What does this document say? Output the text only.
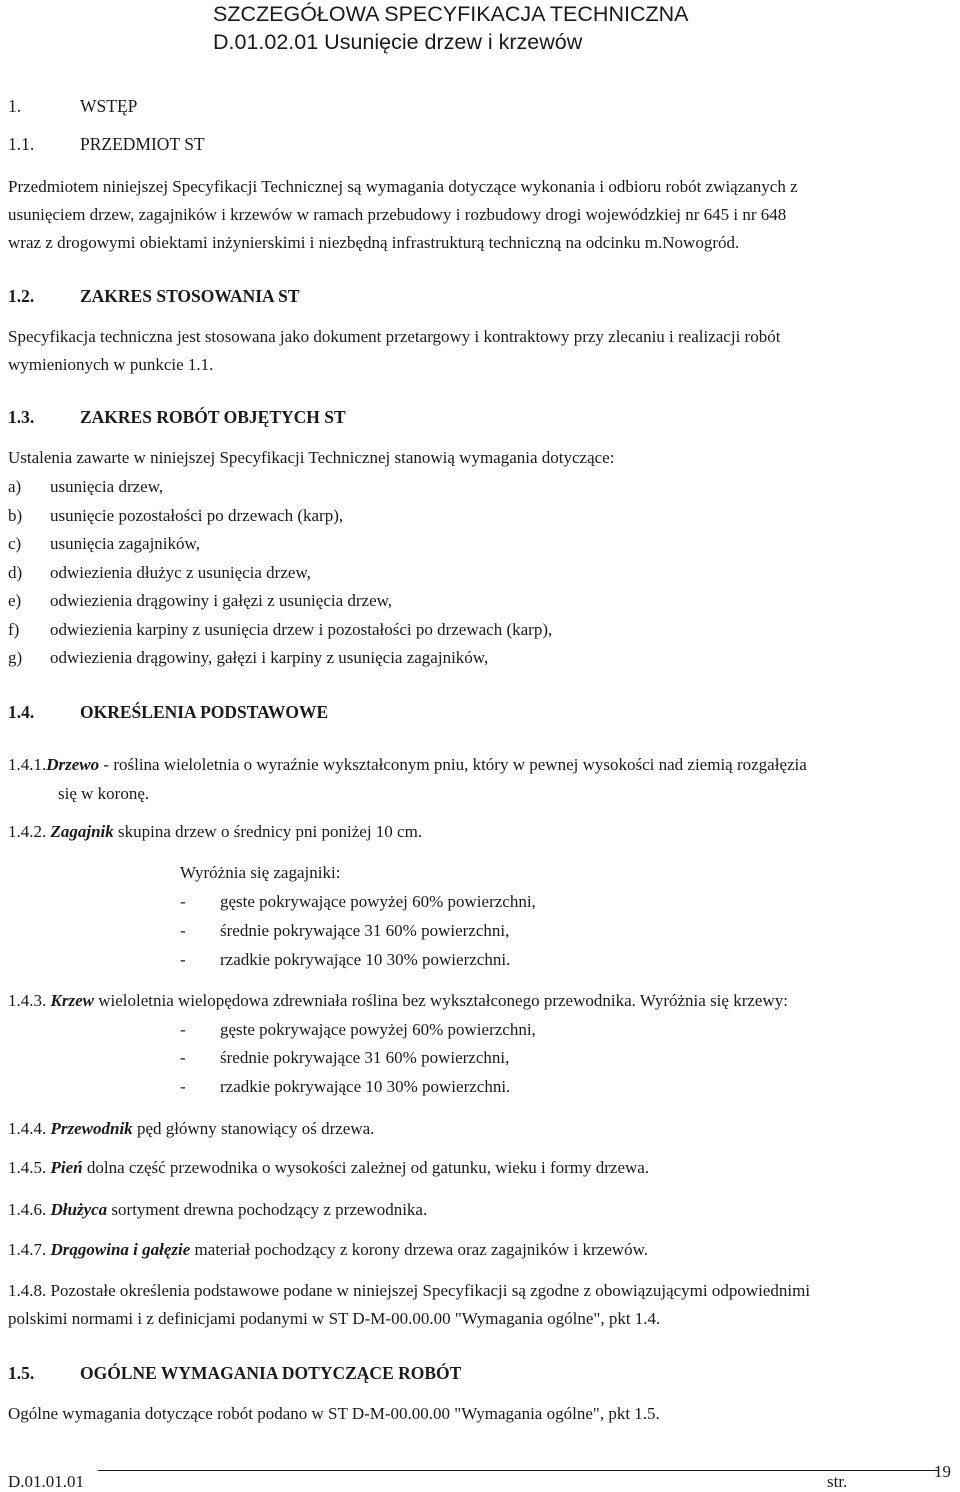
SZCZEGÓŁOWA SPECYFIKACJA TECHNICZNA
D.01.02.01 Usunięcie drzew i krzewów
1.	WSTĘP
1.1.	PRZEDMIOT ST
Przedmiotem niniejszej Specyfikacji Technicznej są wymagania dotyczące wykonania i odbioru robót związanych z
usunięciem drzew, zagajników i krzewów w ramach przebudowy i rozbudowy drogi wojewódzkiej nr 645 i nr 648
wraz z drogowymi obiektami inżynierskimi i niezbędną infrastrukturą techniczną na odcinku m.Nowogród.
1.2.	ZAKRES STOSOWANIA ST
Specyfikacja techniczna jest stosowana jako dokument przetargowy i kontraktowy przy zlecaniu i realizacji robót
wymienionych w punkcie 1.1.
1.3.	ZAKRES ROBÓT OBJĘTYCH ST
Ustalenia zawarte w niniejszej Specyfikacji Technicznej stanowią wymagania dotyczące:
a) usunięcia drzew,
b) usunięcie pozostałości po drzewach (karp),
c) usunięcia zagajników,
d) odwiezienia dłużyc z usunięcia drzew,
e) odwiezienia drągowiny i gałęzi z usunięcia drzew,
f) odwiezienia karpiny z usunięcia drzew i pozostałości po drzewach (karp),
g) odwiezienia drągowiny, gałęzi i karpiny z usunięcia zagajników,
1.4.	OKREŚLENIA PODSTAWOWE
1.4.1.Drzewo - roślina wieloletnia o wyraźnie wykształconym pniu, który w pewnej wysokości nad ziemią rozgałęzia
się w koronę.
1.4.2. Zagajnik skupina drzew o średnicy pni poniżej 10 cm.
Wyróżnia się zagajniki:
- gęste pokrywające powyżej 60% powierzchni,
- średnie pokrywające 31 60% powierzchni,
- rzadkie pokrywające 10 30% powierzchni.
1.4.3. Krzew wieloletnia wielopędowa zdrewniała roślina bez wykształconego przewodnika. Wyróżnia się krzewy:
- gęste pokrywające powyżej 60% powierzchni,
- średnie pokrywające 31 60% powierzchni,
- rzadkie pokrywające 10 30% powierzchni.
1.4.4. Przewodnik pęd główny stanowiący oś drzewa.
1.4.5. Pień dolna część przewodnika o wysokości zależnej od gatunku, wieku i formy drzewa.
1.4.6. Dłużyca sortyment drewna pochodzący z przewodnika.
1.4.7. Drągowina i gałęzie materiał pochodzący z korony drzewa oraz zagajników i krzewów.
1.4.8. Pozostałe określenia podstawowe podane w niniejszej Specyfikacji są zgodne z obowiązującymi odpowiednimi
polskimi normami i z definicjami podanymi w ST D-M-00.00.00 "Wymagania ogólne", pkt 1.4.
1.5.	OGÓLNE WYMAGANIA DOTYCZĄCE ROBÓT
Ogólne wymagania dotyczące robót podano w ST D-M-00.00.00 "Wymagania ogólne", pkt 1.5.
D.01.01.01	str.
19
